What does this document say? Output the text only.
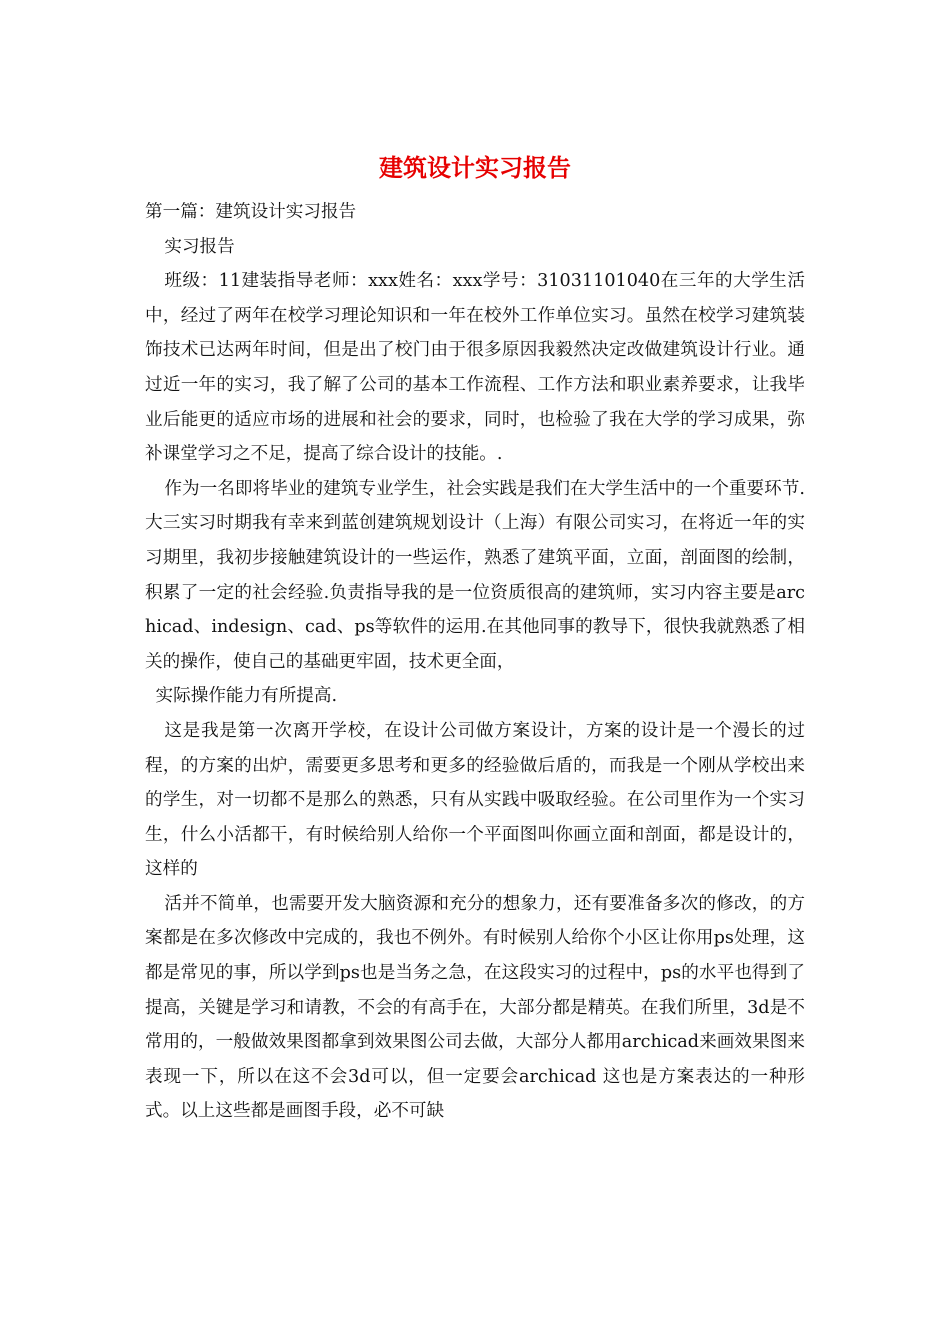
建筑设计实习报告

第一篇：建筑设计实习报告

实习报告

班级：11建装指导老师：xxx姓名：xxx学号：31031101040在三年的大学生活中，经过了两年在校学习理论知识和一年在校外工作单位实习。虽然在校学习建筑装饰技术已达两年时间，但是出了校门由于很多原因我毅然决定改做建筑设计行业。通过近一年的实习，我了解了公司的基本工作流程、工作方法和职业素养要求，让我毕业后能更的适应市场的进展和社会的要求，同时，也检验了我在大学的学习成果，弥补课堂学习之不足，提高了综合设计的技能。.

作为一名即将毕业的建筑专业学生，社会实践是我们在大学生活中的一个重要环节.大三实习时期我有幸来到蓝创建筑规划设计（上海）有限公司实习，在将近一年的实习期里，我初步接触建筑设计的一些运作，熟悉了建筑平面，立面，剖面图的绘制，积累了一定的社会经验.负责指导我的是一位资质很高的建筑师，实习内容主要是archicad、indesign、cad、ps等软件的运用.在其他同事的教导下，很快我就熟悉了相关的操作，使自己的基础更牢固，技术更全面，

实际操作能力有所提高.

这是我是第一次离开学校，在设计公司做方案设计，方案的设计是一个漫长的过程，的方案的出炉，需要更多思考和更多的经验做后盾的，而我是一个刚从学校出来的学生，对一切都不是那么的熟悉，只有从实践中吸取经验。在公司里作为一个实习生，什么小活都干，有时候给别人给你一个平面图叫你画立面和剖面，都是设计的，这样的

活并不简单，也需要开发大脑资源和充分的想象力，还有要准备多次的修改，的方案都是在多次修改中完成的，我也不例外。有时候别人给你个小区让你用ps处理，这都是常见的事，所以学到ps也是当务之急，在这段实习的过程中，ps的水平也得到了提高，关键是学习和请教，不会的有高手在，大部分都是精英。在我们所里，3d是不常用的，一般做效果图都拿到效果图公司去做，大部分人都用archicad来画效果图来表现一下，所以在这不会3d可以，但一定要会archicad 这也是方案表达的一种形式。以上这些都是画图手段，必不可缺
